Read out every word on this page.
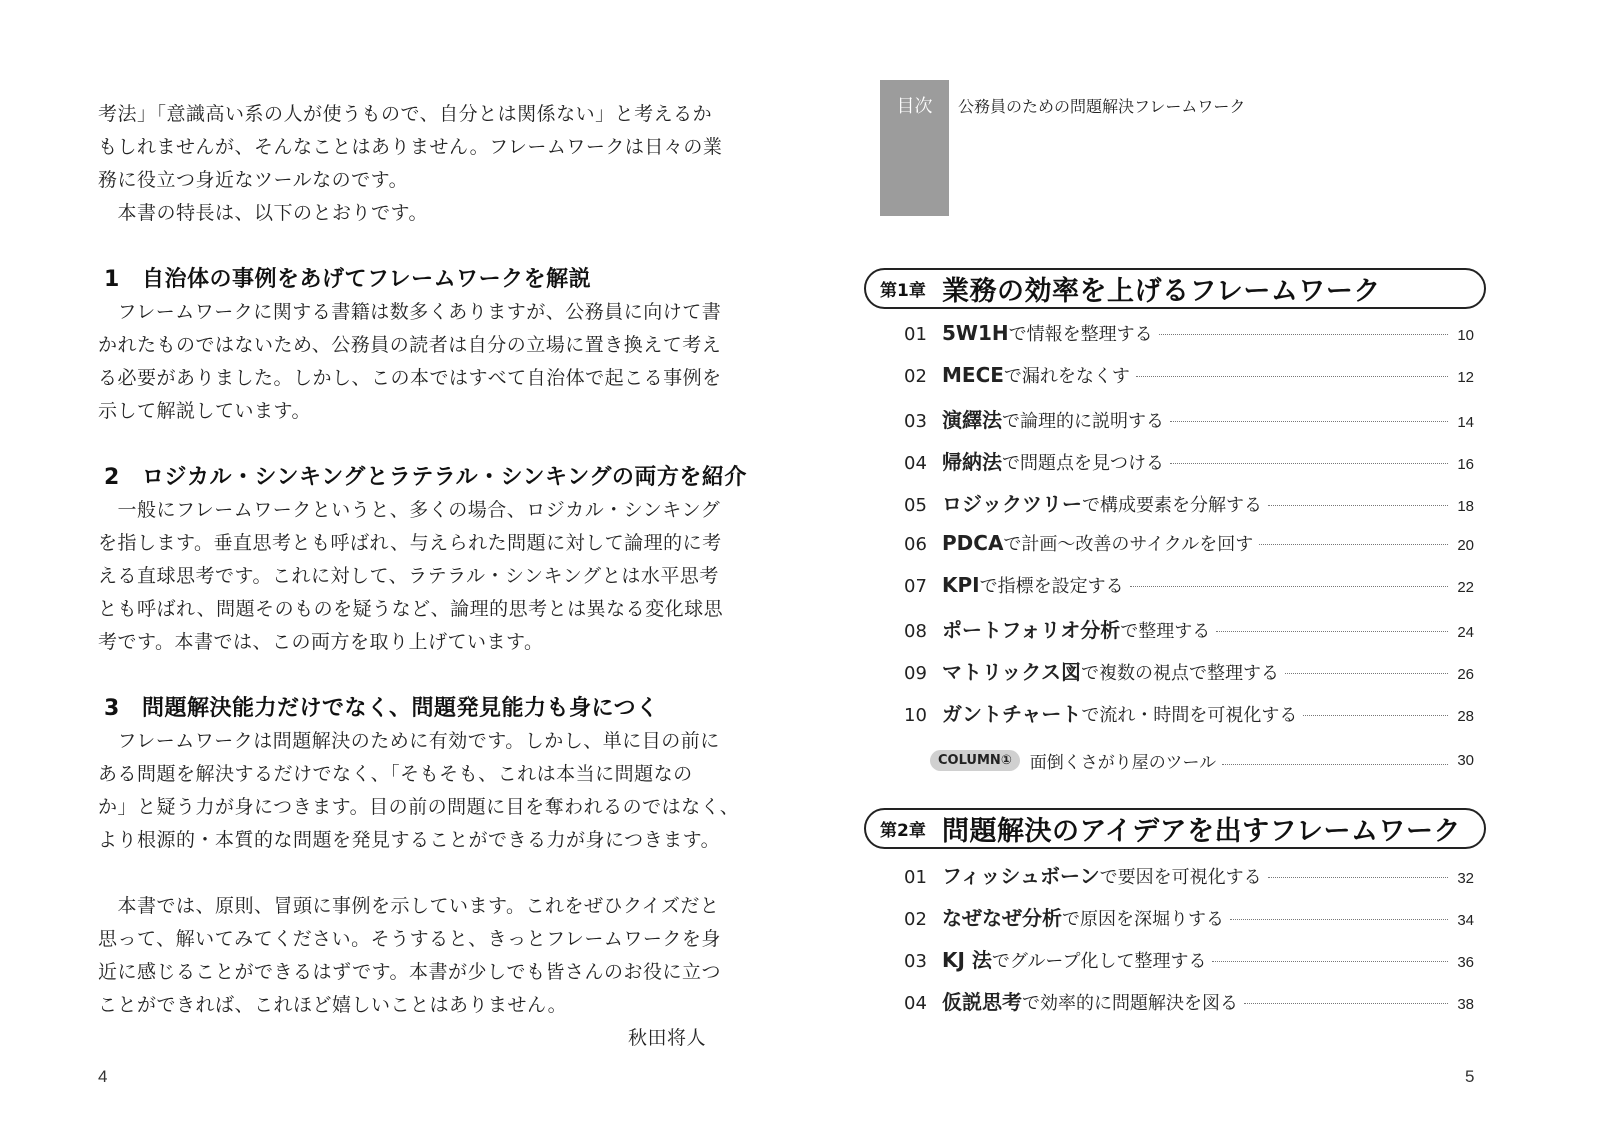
考法」「意識高い系の人が使うもので、自分とは関係ない」と考えるか

もしれませんが、そんなことはありません。フレームワークは日々の業

務に役立つ身近なツールなのです。

　本書の特長は、以下のとおりです。

1 自治体の事例をあげてフレームワークを解説

　フレームワークに関する書籍は数多くありますが、公務員に向けて書

かれたものではないため、公務員の読者は自分の立場に置き換えて考え

る必要がありました。しかし、この本ではすべて自治体で起こる事例を

示して解説しています。

2 ロジカル・シンキングとラテラル・シンキングの両方を紹介

　一般にフレームワークというと、多くの場合、ロジカル・シンキング

を指します。垂直思考とも呼ばれ、与えられた問題に対して論理的に考

える直球思考です。これに対して、ラテラル・シンキングとは水平思考

とも呼ばれ、問題そのものを疑うなど、論理的思考とは異なる変化球思

考です。本書では、この両方を取り上げています。

3 問題解決能力だけでなく、問題発見能力も身につく

　フレームワークは問題解決のために有効です。しかし、単に目の前に

ある問題を解決するだけでなく、「そもそも、これは本当に問題なの

か」と疑う力が身につきます。目の前の問題に目を奪われるのではなく、

より根源的・本質的な問題を発見することができる力が身につきます。

　本書では、原則、冒頭に事例を示しています。これをぜひクイズだと

思って、解いてみてください。そうすると、きっとフレームワークを身

近に感じることができるはずです。本書が少しでも皆さんのお役に立つ

ことができれば、これほど嬉しいことはありません。

秋田将人

4
目次	公務員のための問題解決フレームワーク
第1章 業務の効率を上げるフレームワーク
01 5W1H で情報を整理する	10
02 MECE で漏れをなくす	12
03 演繹法 で論理的に説明する	14
04 帰納法 で問題点を見つける	16
05 ロジックツリー で構成要素を分解する	18
06 PDCA で計画〜改善のサイクルを回す	20
07 KPI で指標を設定する	22
08 ポートフォリオ分析 で整理する	24
09 マトリックス図 で複数の視点で整理する	26
10 ガントチャート で流れ・時間を可視化する	28
COLUMN①	面倒くさがり屋のツール	30
第2章 問題解決のアイデアを出すフレームワーク
01 フィッシュボーン で要因を可視化する	32
02 なぜなぜ分析 で原因を深堀りする	34
03 KJ 法 でグループ化して整理する	36
04 仮説思考 で効率的に問題解決を図る	38
5
